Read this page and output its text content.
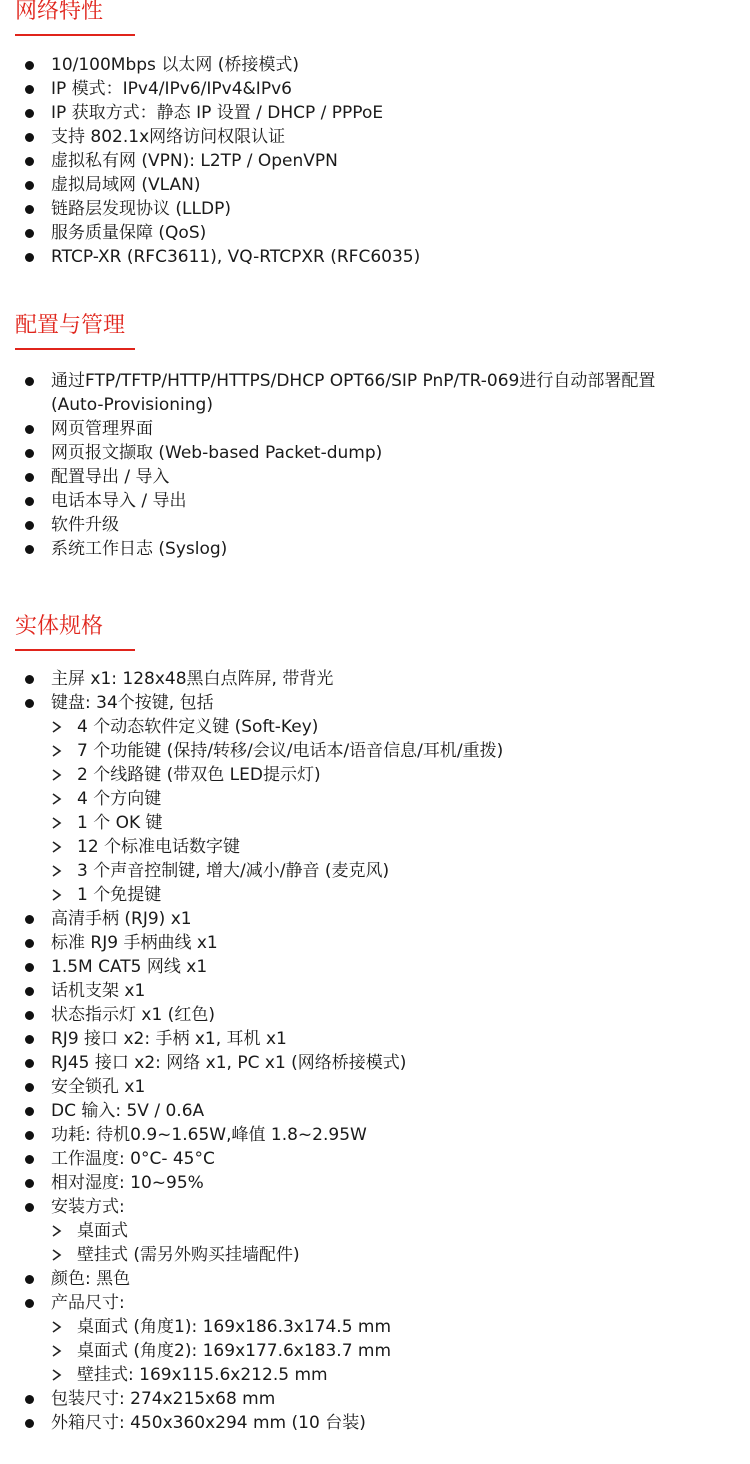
网络特性
10/100Mbps 以太网 (桥接模式)
IP 模式：IPv4/IPv6/IPv4&IPv6
IP 获取方式：静态 IP 设置 / DHCP / PPPoE
支持 802.1x网络访问权限认证
虚拟私有网 (VPN): L2TP / OpenVPN
虚拟局域网 (VLAN)
链路层发现协议 (LLDP)
服务质量保障 (QoS)
RTCP-XR (RFC3611), VQ-RTCPXR (RFC6035)
配置与管理
通过FTP/TFTP/HTTP/HTTPS/DHCP OPT66/SIP PnP/TR-069进行自动部署配置 (Auto-Provisioning)
网页管理界面
网页报文撷取 (Web-based Packet-dump)
配置导出 / 导入
电话本导入 / 导出
软件升级
系统工作日志 (Syslog)
实体规格
主屏 x1: 128x48黑白点阵屏, 带背光
键盘: 34个按键, 包括
4 个动态软件定义键 (Soft-Key)
7 个功能键 (保持/转移/会议/电话本/语音信息/耳机/重拨)
2 个线路键 (带双色 LED提示灯)
4 个方向键
1 个 OK 键
12 个标准电话数字键
3 个声音控制键, 增大/减小/静音 (麦克风)
1 个免提键
高清手柄 (RJ9) x1
标准 RJ9 手柄曲线 x1
1.5M CAT5 网线 x1
话机支架 x1
状态指示灯 x1 (红色)
RJ9 接口 x2: 手柄 x1, 耳机 x1
RJ45 接口 x2: 网络 x1, PC x1 (网络桥接模式)
安全锁孔 x1
DC 输入: 5V / 0.6A
功耗: 待机0.9~1.65W,峰值 1.8~2.95W
工作温度: 0°C- 45°C
相对湿度: 10~95%
安装方式:
桌面式
壁挂式 (需另外购买挂墙配件)
颜色: 黑色
产品尺寸:
桌面式 (角度1): 169x186.3x174.5 mm
桌面式 (角度2): 169x177.6x183.7 mm
壁挂式: 169x115.6x212.5 mm
包装尺寸: 274x215x68 mm
外箱尺寸: 450x360x294 mm (10 台装)
